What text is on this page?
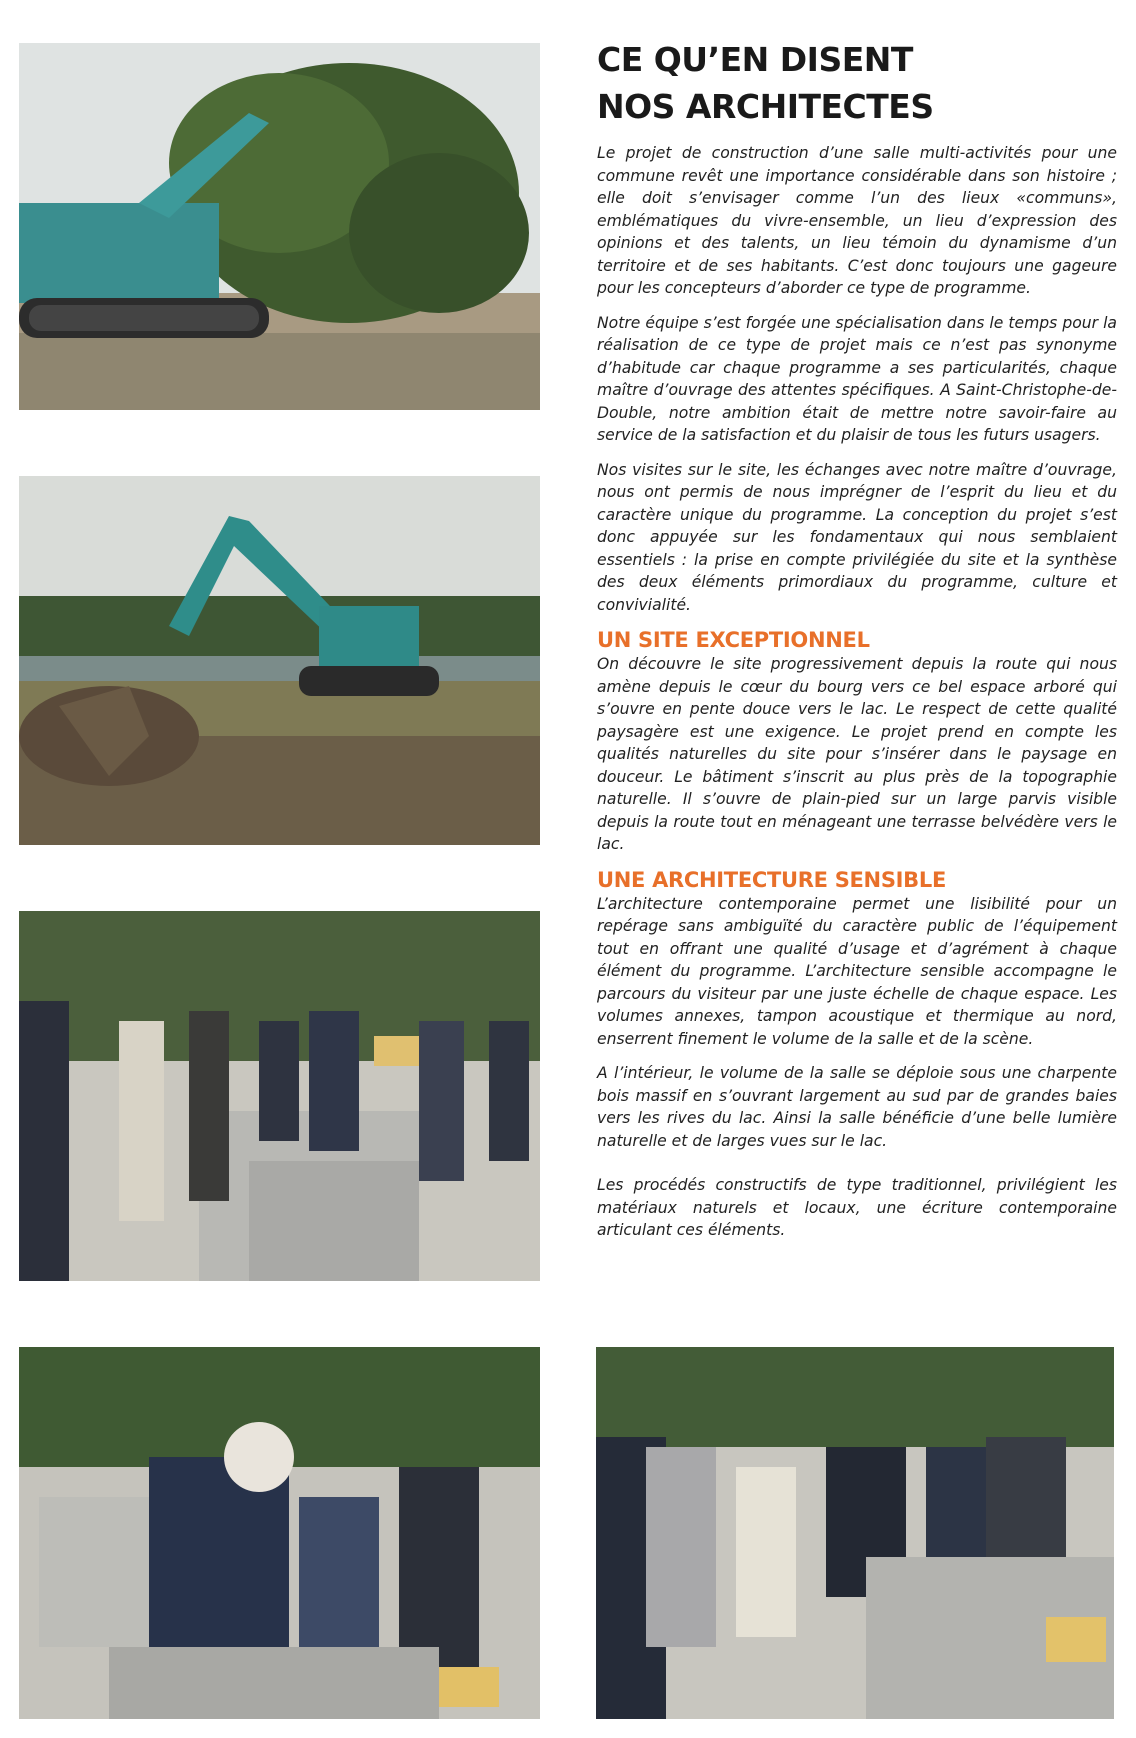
CE QU’EN DISENT
NOS ARCHITECTES

Le projet de construction d’une salle multi-activités pour une commune revêt une importance considérable dans son histoire ; elle doit s’envisager comme l’un des lieux «communs», emblématiques du vivre-ensemble, un lieu d’expression des opinions et des talents, un lieu témoin du dynamisme d’un territoire et de ses habitants. C’est donc toujours une gageure pour les concepteurs d’aborder ce type de programme.

Notre équipe s’est forgée une spécialisation dans le temps pour la réalisation de ce type de projet mais ce n’est pas synonyme d’habitude car chaque programme a ses particularités, chaque maître d’ouvrage des attentes spécifiques. A Saint-Christophe-de-Double, notre ambition était de mettre notre savoir-faire au service de la satisfaction et du plaisir de tous les futurs usagers.

Nos visites sur le site, les échanges avec notre maître d’ouvrage, nous ont permis de nous imprégner de l’esprit du lieu et du caractère unique du programme. La conception du projet s’est donc appuyée sur les fondamentaux qui nous semblaient essentiels : la prise en compte privilégiée du site et la synthèse des deux éléments primordiaux du programme, culture et convivialité.

UN SITE EXCEPTIONNEL

On découvre le site progressivement depuis la route qui nous amène depuis le cœur du bourg vers ce bel espace arboré qui s’ouvre en pente douce vers le lac. Le respect de cette qualité paysagère est une exigence. Le projet prend en compte les qualités naturelles du site pour s’insérer dans le paysage en douceur. Le bâtiment s’inscrit au plus près de la topographie naturelle. Il s’ouvre de plain-pied sur un large parvis visible depuis la route tout en ménageant une terrasse belvédère vers le lac.

UNE ARCHITECTURE SENSIBLE

L’architecture contemporaine permet une lisibilité pour un repérage sans ambiguïté du caractère public de l’équipement tout en offrant une qualité d’usage et d’agrément à chaque élément du programme. L’architecture sensible accompagne le parcours du visiteur par une juste échelle de chaque espace. Les volumes annexes, tampon acoustique et thermique au nord, enserrent finement le volume de la salle et de la scène.

A l’intérieur, le volume de la salle se déploie sous une charpente bois massif en s’ouvrant largement au sud par de grandes baies vers les rives du lac. Ainsi la salle bénéficie d’une belle lumière naturelle et de larges vues sur le lac.

Les procédés constructifs de type traditionnel, privilégient les matériaux naturels et locaux, une écriture contemporaine articulant ces éléments.
